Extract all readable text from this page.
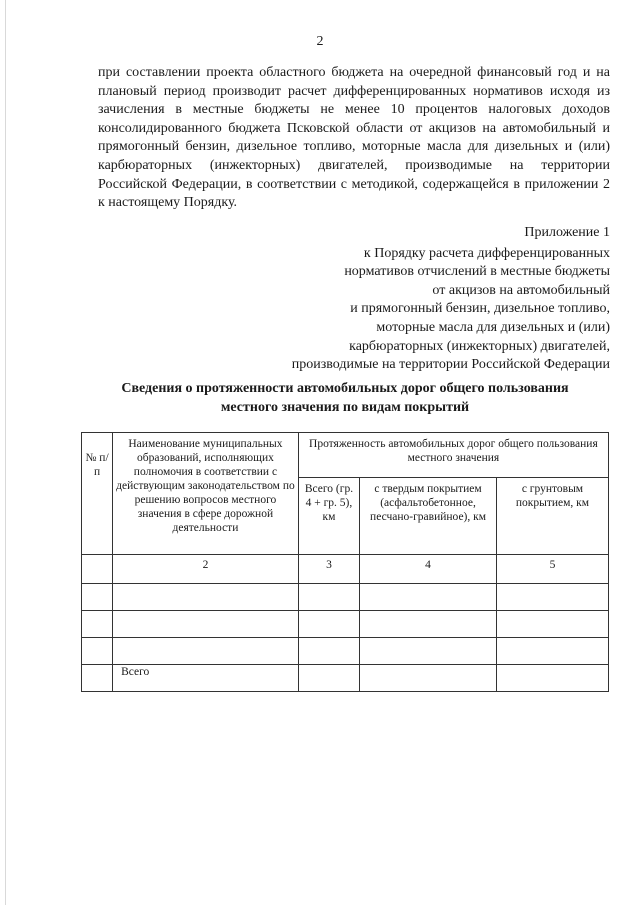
2
при составлении проекта областного бюджета на очередной финансовый год и на плановый период производит расчет дифференцированных нормативов исходя из зачисления в местные бюджеты не менее 10 процентов налоговых доходов консолидированного бюджета Псковской области от акцизов на автомобильный и прямогонный бензин, дизельное топливо, моторные масла для дизельных и (или) карбюраторных (инжекторных) двигателей, производимые на территории Российской Федерации, в соответствии с методикой, содержащейся в приложении 2 к настоящему Порядку.
Приложение 1
к Порядку расчета дифференцированных
нормативов отчислений в местные бюджеты
от акцизов на автомобильный
и прямогонный бензин, дизельное топливо,
моторные масла для дизельных и (или)
карбюраторных (инжекторных) двигателей,
производимые на территории Российской Федерации
Сведения о протяженности автомобильных дорог общего пользования
местного значения по видам покрытий
№ п/п	Наименование муниципальных образований, исполняющих полномочия в соответствии с действующим законодательством по решению вопросов местного значения в сфере дорожной деятельности	Протяженность автомобильных дорог общего пользования местного значения		
		Всего (гр. 4 + гр. 5), км	с твердым покрытием (асфальтобетонное, песчано-гравийное), км	с грунтовым покрытием, км
	2	3	4	5

	Всего			
